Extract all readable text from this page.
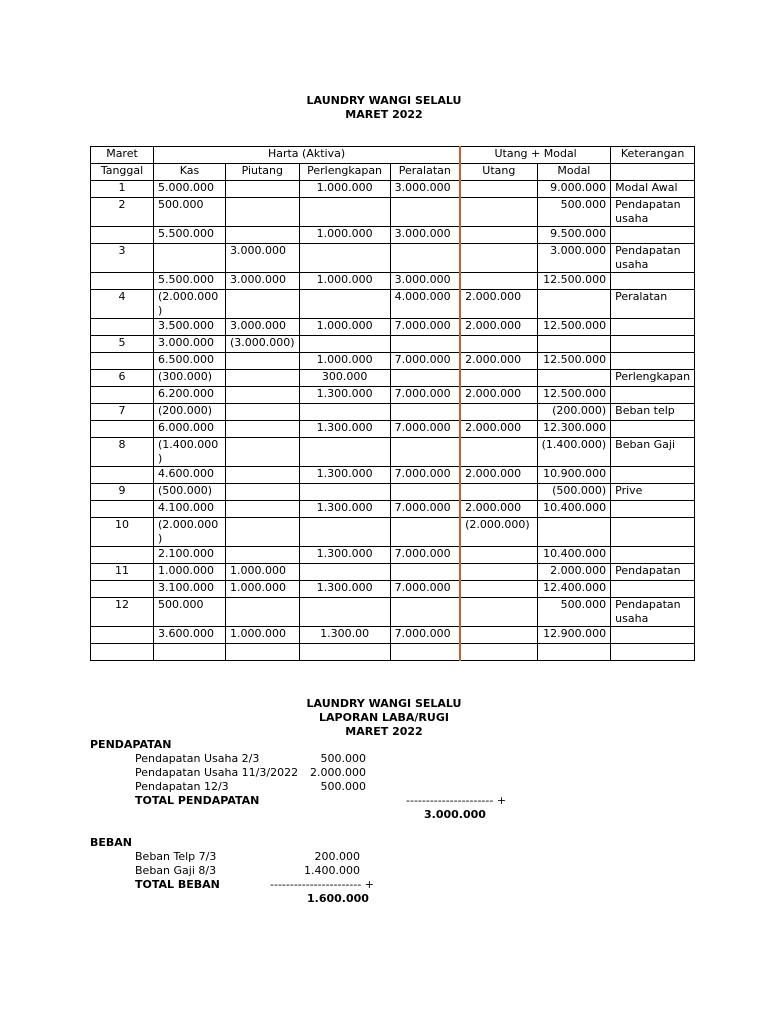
LAUNDRY WANGI SELALU
MARET 2022
Maret	Harta (Aktiva)				Utang + Modal		Keterangan
Tanggal	Kas	Piutang	Perlengkapan	Peralatan	Utang	Modal	
1	5.000.000		1.000.000	3.000.000		9.000.000	Modal Awal
2	500.000					500.000	Pendapatan
usaha
	5.500.000		1.000.000	3.000.000		9.500.000	
3		3.000.000				3.000.000	Pendapatan
usaha
	5.500.000	3.000.000	1.000.000	3.000.000		12.500.000	
4	(2.000.000
)			4.000.000	2.000.000		Peralatan
	3.500.000	3.000.000	1.000.000	7.000.000	2.000.000	12.500.000	
5	3.000.000	(3.000.000)					
	6.500.000		1.000.000	7.000.000	2.000.000	12.500.000	
6	(300.000)		300.000				Perlengkapan
	6.200.000		1.300.000	7.000.000	2.000.000	12.500.000	
7	(200.000)					(200.000)	Beban telp
	6.000.000		1.300.000	7.000.000	2.000.000	12.300.000	
8	(1.400.000
)					(1.400.000)	Beban Gaji
	4.600.000		1.300.000	7.000.000	2.000.000	10.900.000	
9	(500.000)					(500.000)	Prive
	4.100.000		1.300.000	7.000.000	2.000.000	10.400.000	
10	(2.000.000
)				(2.000.000)		
	2.100.000		1.300.000	7.000.000		10.400.000	
11	1.000.000	1.000.000				2.000.000	Pendapatan
	3.100.000	1.000.000	1.300.000	7.000.000		12.400.000	
12	500.000					500.000	Pendapatan
usaha
	3.600.000	1.000.000	1.300.00	7.000.000		12.900.000	

LAUNDRY WANGI SELALU
LAPORAN LABA/RUGI
MARET 2022
PENDAPATAN
Pendapatan Usaha 2/3	500.000
Pendapatan Usaha 11/3/2022	2.000.000
Pendapatan 12/3	500.000
TOTAL PENDAPATAN	---------------------- +
3.000.000
BEBAN
Beban Telp 7/3	200.000
Beban Gaji 8/3	1.400.000
TOTAL BEBAN	----------------------- +
1.600.000
